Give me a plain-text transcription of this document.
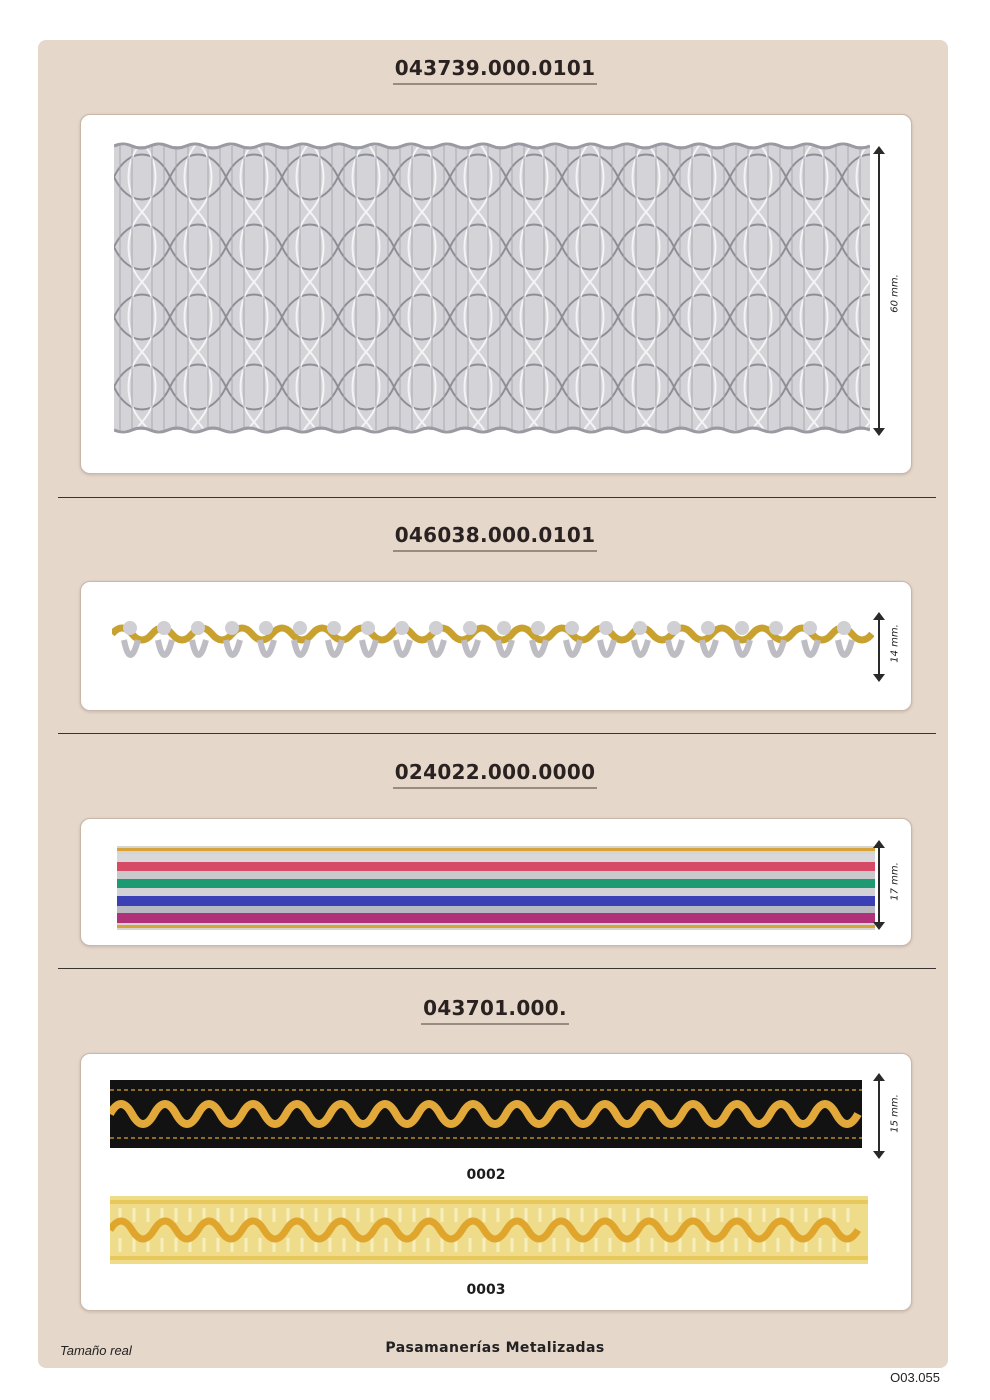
043739.000.0101
60 mm.
046038.000.0101
14 mm.
024022.000.0000
17 mm.
043701.000.
15 mm.
0002
0003
Tamaño real	Pasamanerías Metalizadas
O03.055
